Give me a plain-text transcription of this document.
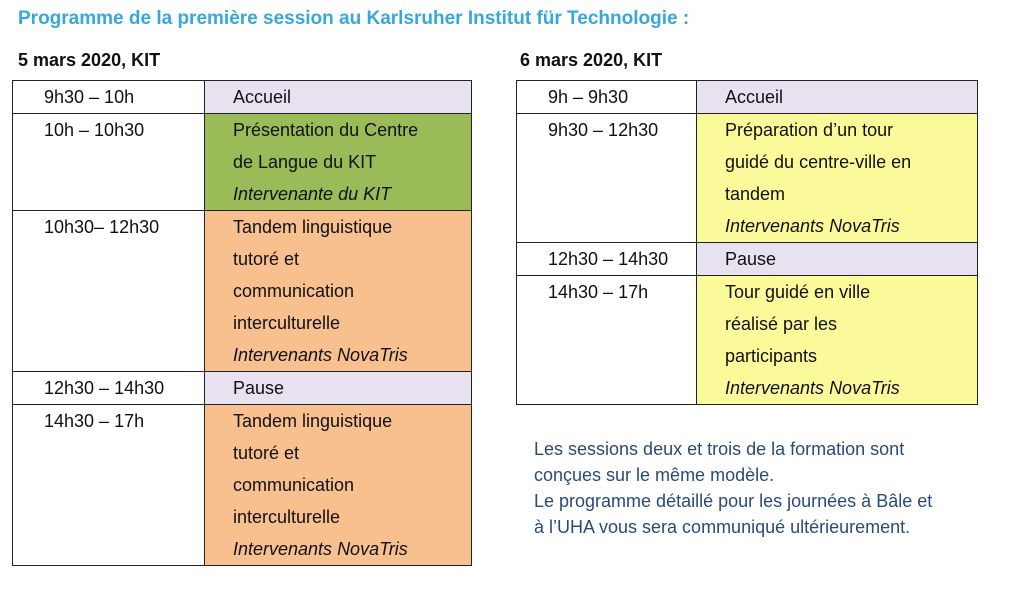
Programme de la première session au Karlsruher Institut für Technologie :
5 mars 2020, KIT	6 mars 2020, KIT
9h30 – 10h	Accueil

10h – 10h30	Présentation du Centre
de Langue du KIT
Intervenante du KIT

10h30– 12h30	Tandem linguistique
tutoré et
communication
interculturelle
Intervenants NovaTris

12h30 – 14h30	Pause

14h30 – 17h	Tandem linguistique
tutoré et
communication
interculturelle
Intervenants NovaTris
9h – 9h30	Accueil

9h30 – 12h30	Préparation d’un tour
guidé du centre-ville en
tandem
Intervenants NovaTris

12h30 – 14h30	Pause

14h30 – 17h	Tour guidé en ville
réalisé par les
participants
Intervenants NovaTris
Les sessions deux et trois de la formation sont
conçues sur le même modèle.
Le programme détaillé pour les journées à Bâle et
à l’UHA vous sera communiqué ultérieurement.
